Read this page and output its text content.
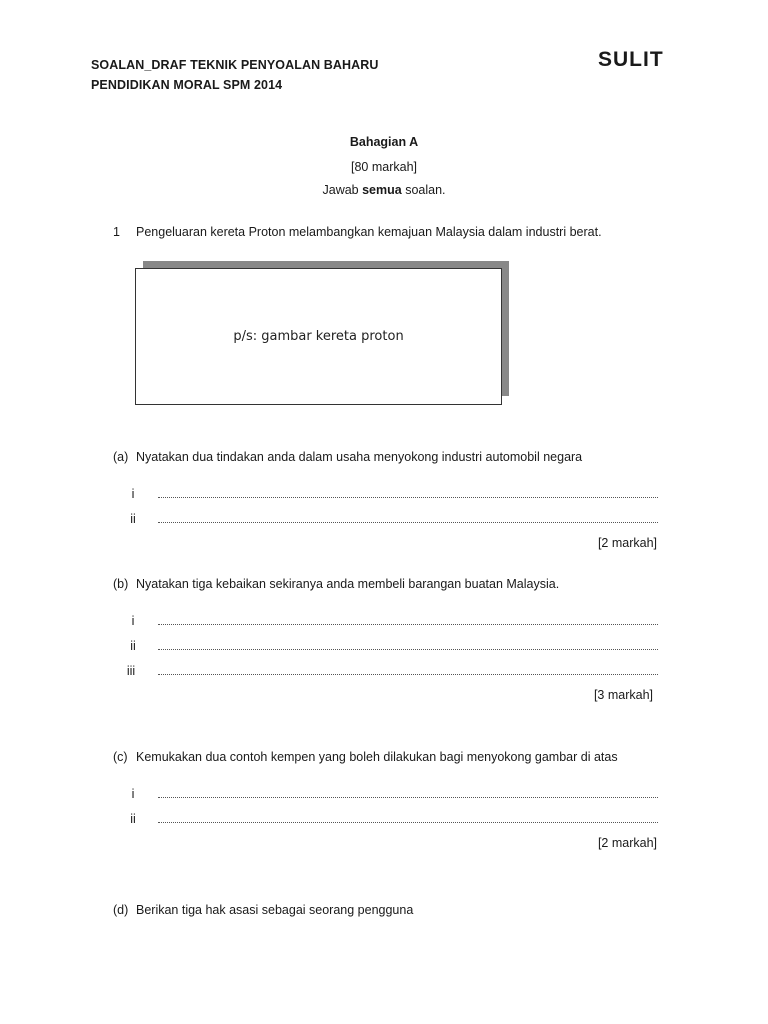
SOALAN_DRAF TEKNIK PENYOALAN BAHARU
PENDIDIKAN MORAL SPM 2014
SULIT
Bahagian A
[80 markah]
Jawab semua soalan.
1 Pengeluaran kereta Proton melambangkan kemajuan Malaysia dalam industri berat.
p/s: gambar kereta proton
(a) Nyatakan dua tindakan anda dalam usaha menyokong industri automobil negara
i
ii
[2 markah]
(b) Nyatakan tiga kebaikan sekiranya anda membeli barangan buatan Malaysia.
i
ii
iii
[3 markah]
(c) Kemukakan dua contoh kempen yang boleh dilakukan bagi menyokong gambar di atas
i
ii
[2 markah]
(d) Berikan tiga hak asasi sebagai seorang pengguna
